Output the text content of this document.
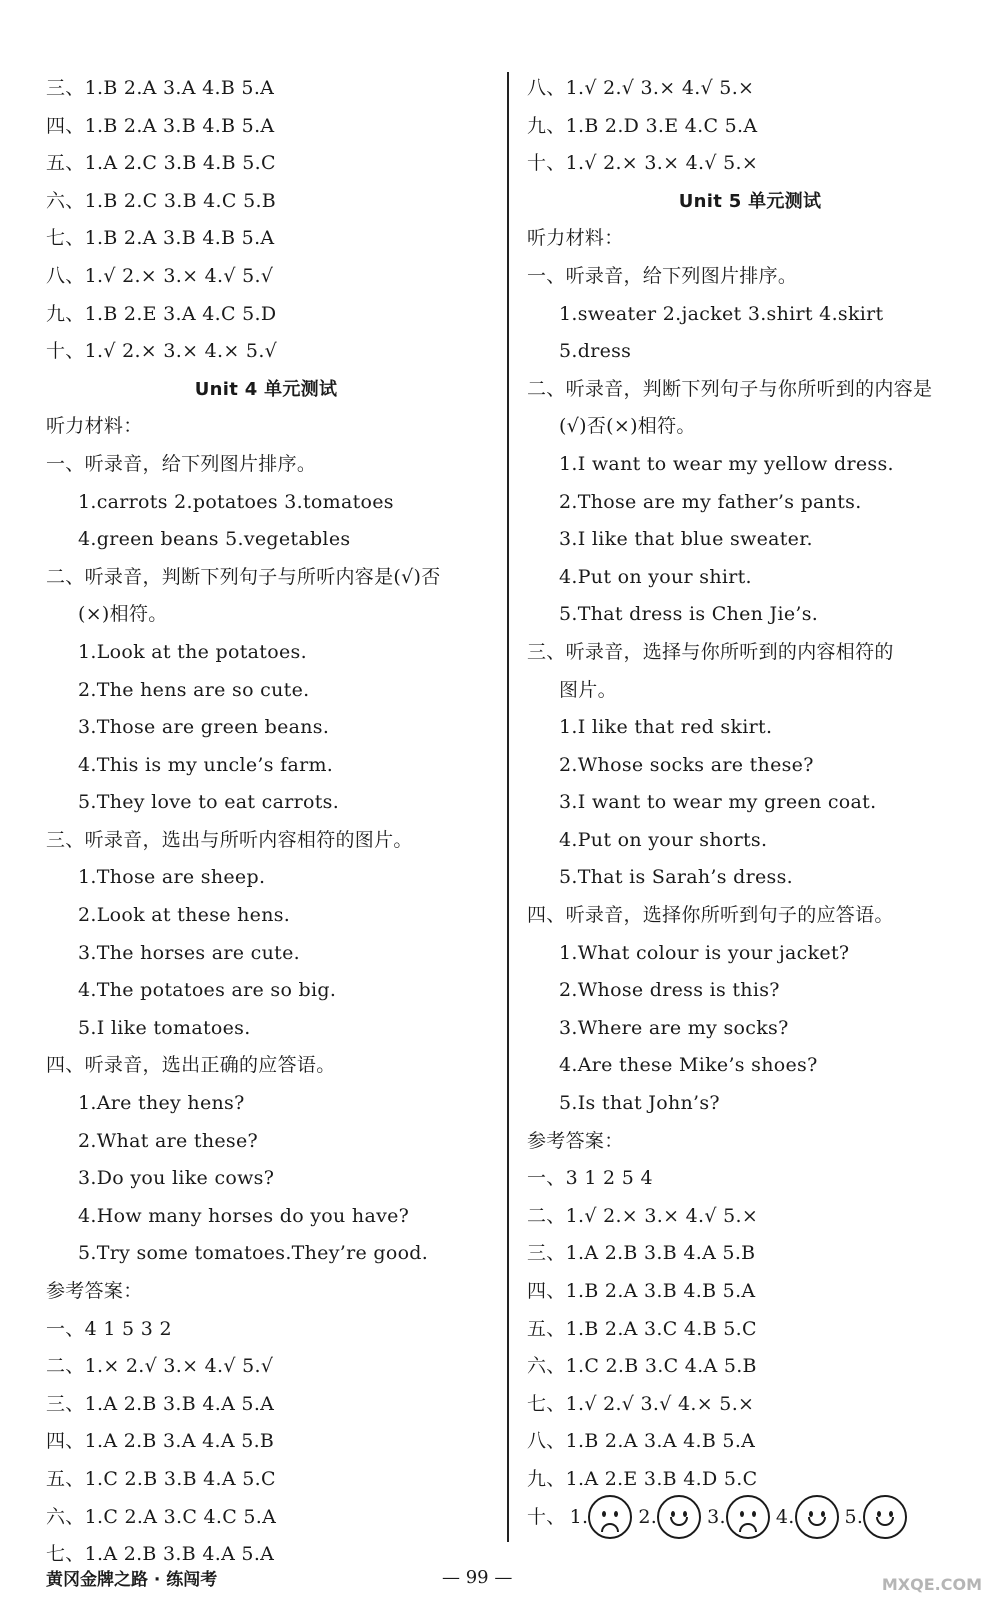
三、1.B 2.A 3.A 4.B 5.A
四、1.B 2.A 3.B 4.B 5.A
五、1.A 2.C 3.B 4.B 5.C
六、1.B 2.C 3.B 4.C 5.B
七、1.B 2.A 3.B 4.B 5.A
八、1.√ 2.× 3.× 4.√ 5.√
九、1.B 2.E 3.A 4.C 5.D
十、1.√ 2.× 3.× 4.× 5.√
Unit 4 单元测试
听力材料：
一、听录音，给下列图片排序。
1.carrots 2.potatoes 3.tomatoes
4.green beans 5.vegetables
二、听录音，判断下列句子与所听内容是(√)否
(×)相符。
1.Look at the potatoes.
2.The hens are so cute.
3.Those are green beans.
4.This is my uncle’s farm.
5.They love to eat carrots.
三、听录音，选出与所听内容相符的图片。
1.Those are sheep.
2.Look at these hens.
3.The horses are cute.
4.The potatoes are so big.
5.I like tomatoes.
四、听录音，选出正确的应答语。
1.Are they hens?
2.What are these?
3.Do you like cows?
4.How many horses do you have?
5.Try some tomatoes.They’re good.
参考答案：
一、4 1 5 3 2
二、1.× 2.√ 3.× 4.√ 5.√
三、1.A 2.B 3.B 4.A 5.A
四、1.A 2.B 3.A 4.A 5.B
五、1.C 2.B 3.B 4.A 5.C
六、1.C 2.A 3.C 4.C 5.A
七、1.A 2.B 3.B 4.A 5.A
八、1.√ 2.√ 3.× 4.√ 5.×
九、1.B 2.D 3.E 4.C 5.A
十、1.√ 2.× 3.× 4.√ 5.×
Unit 5 单元测试
听力材料：
一、听录音，给下列图片排序。
1.sweater 2.jacket 3.shirt 4.skirt
5.dress
二、听录音，判断下列句子与你所听到的内容是
(√)否(×)相符。
1.I want to wear my yellow dress.
2.Those are my father’s pants.
3.I like that blue sweater.
4.Put on your shirt.
5.That dress is Chen Jie’s.
三、听录音，选择与你所听到的内容相符的
图片。
1.I like that red skirt.
2.Whose socks are these?
3.I want to wear my green coat.
4.Put on your shorts.
5.That is Sarah’s dress.
四、听录音，选择你所听到句子的应答语。
1.What colour is your jacket?
2.Whose dress is this?
3.Where are my socks?
4.Are these Mike’s shoes?
5.Is that John’s?
参考答案：
一、3 1 2 5 4
二、1.√ 2.× 3.× 4.√ 5.×
三、1.A 2.B 3.B 4.A 5.B
四、1.B 2.A 3.B 4.B 5.A
五、1.B 2.A 3.C 4.B 5.C
六、1.C 2.B 3.C 4.A 5.B
七、1.√ 2.√ 3.√ 4.× 5.×
八、1.B 2.A 3.A 4.B 5.A
九、1.A 2.E 3.B 4.D 5.C
十、 1.	2.	3.	4.	5.
黄冈金牌之路 · 练闯考	— 99 —	MXQE.COM
